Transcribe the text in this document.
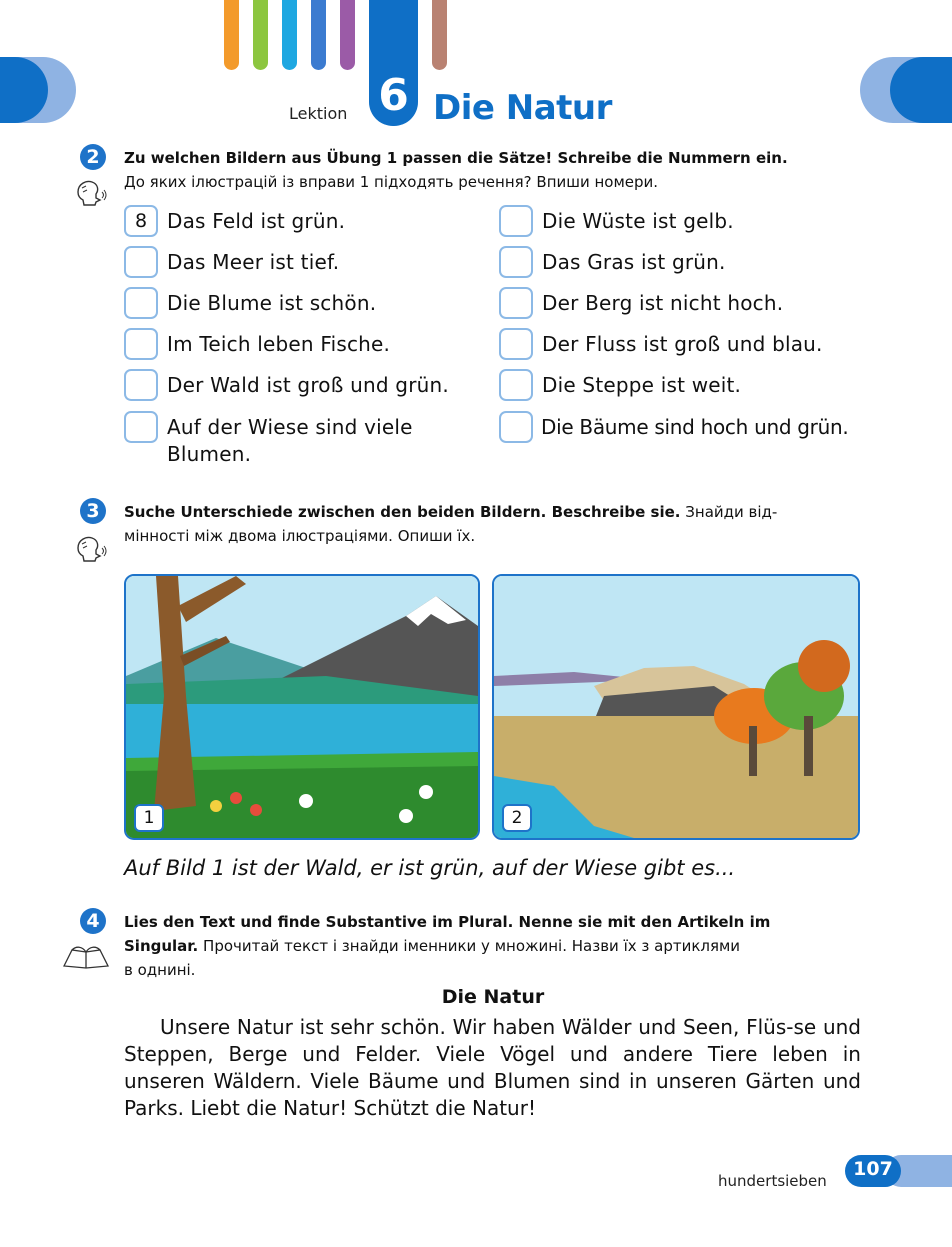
Lektion 6 Die Natur
2	Zu welchen Bildern aus Übung 1 passen die Sätze! Schreibe die Nummern ein.
До яких ілюстрацій із вправи 1 підходять речення? Впиши номери.
8 Das Feld ist grün.
Das Meer ist tief.
Die Blume ist schön.
Im Teich leben Fische.
Der Wald ist groß und grün.
Auf der Wiese sind viele
Blumen.
Die Wüste ist gelb.
Das Gras ist grün.
Der Berg ist nicht hoch.
Der Fluss ist groß und blau.
Die Steppe ist weit.
Die Bäume sind hoch und grün.
3	Suche Unterschiede zwischen den beiden Bildern. Beschreibe sie. Знайди від-
мінності між двома ілюстраціями. Опиши їх.
1	2
Auf Bild 1 ist der Wald, er ist grün, auf der Wiese gibt es...
4	Lies den Text und finde Substantive im Plural. Nenne sie mit den Artikeln im
Singular. Прочитай текст і знайди іменники у множині. Назви їх з артиклями
в однині.
Die Natur
Unsere Natur ist sehr schön. Wir haben Wälder und Seen, Flüs-se und Steppen, Berge und Felder. Viele Vögel und andere Tiere leben in unseren Wäldern. Viele Bäume und Blumen sind in unseren Gärten und Parks. Liebt die Natur! Schützt die Natur!
hundertsieben
107
